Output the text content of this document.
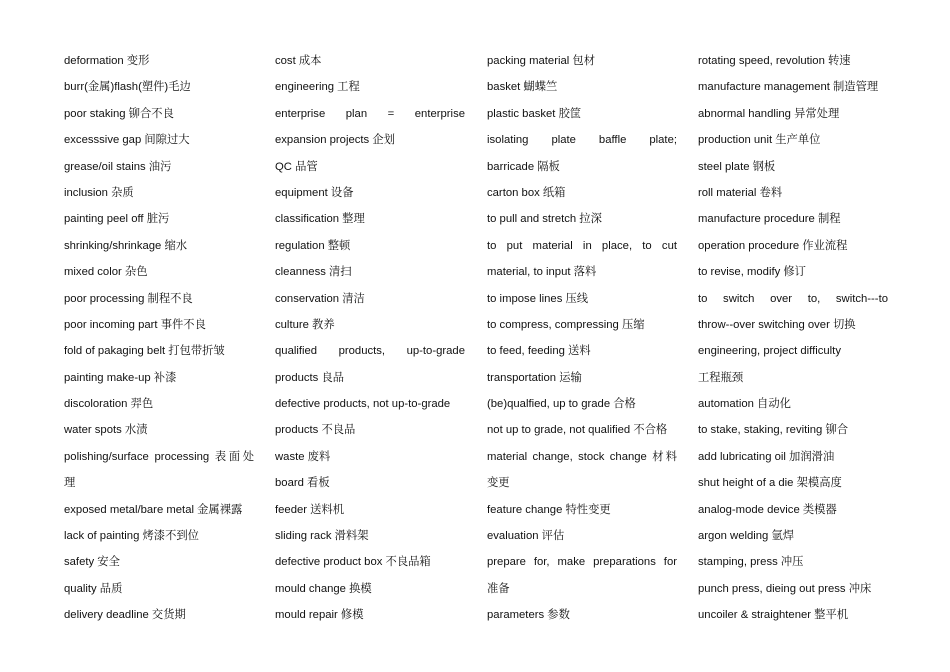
deformation 变形
burr(金属)flash(塑件)毛边
poor staking 铆合不良
excesssive gap 间隙过大
grease/oil stains 油污
inclusion 杂质
painting peel off 脏污
shrinking/shrinkage 缩水
mixed color 杂色
poor processing 制程不良
poor incoming part 事件不良
fold of pakaging belt 打包带折皱
painting make-up 补漆
discoloration 羿色
water spots 水渍
polishing/surface processing 表面处
理
exposed metal/bare metal 金属裸露
lack of painting 烤漆不到位
safety 安全
quality 品质
delivery deadline 交货期
cost 成本
engineering 工程
enterprise plan = enterprise
expansion projects 企划
QC 品管
equipment 设备
classification 整理
regulation 整顿
cleanness 清扫
conservation 清洁
culture 教养
qualified products, up-to-grade
products 良品
defective products, not up-to-grade
products 不良品
waste 废料
board 看板
feeder 送料机
sliding rack 滑料架
defective product box 不良品箱
mould change 换模
mould repair 修模
packing material 包材
basket 蝴蝶竺
plastic basket 胶筐
isolating plate baffle plate;
barricade 隔板
carton box 纸箱
to pull and stretch 拉深
to put material in place, to cut
material, to input 落料
to impose lines 压线
to compress, compressing 压缩
to feed, feeding 送料
transportation 运输
(be)qualfied, up to grade 合格
not up to grade, not qualified 不合格
material change, stock change 材料
变更
feature change 特性变更
evaluation 评估
prepare for, make preparations for
准备
parameters 参数
rotating speed, revolution 转速
manufacture management 制造管理
abnormal handling 异常处理
production unit 生产单位
steel plate 钢板
roll material 卷料
manufacture procedure 制程
operation procedure 作业流程
to revise, modify 修订
to switch over to, switch---to
throw--over switching over 切换
engineering, project difficulty
工程瓶颈
automation 自动化
to stake, staking, reviting 铆合
add lubricating oil 加润滑油
shut height of a die 架模高度
analog-mode device 类模器
argon welding 氩焊
stamping, press 冲压
punch press, dieing out press 冲床
uncoiler & straightener 整平机
